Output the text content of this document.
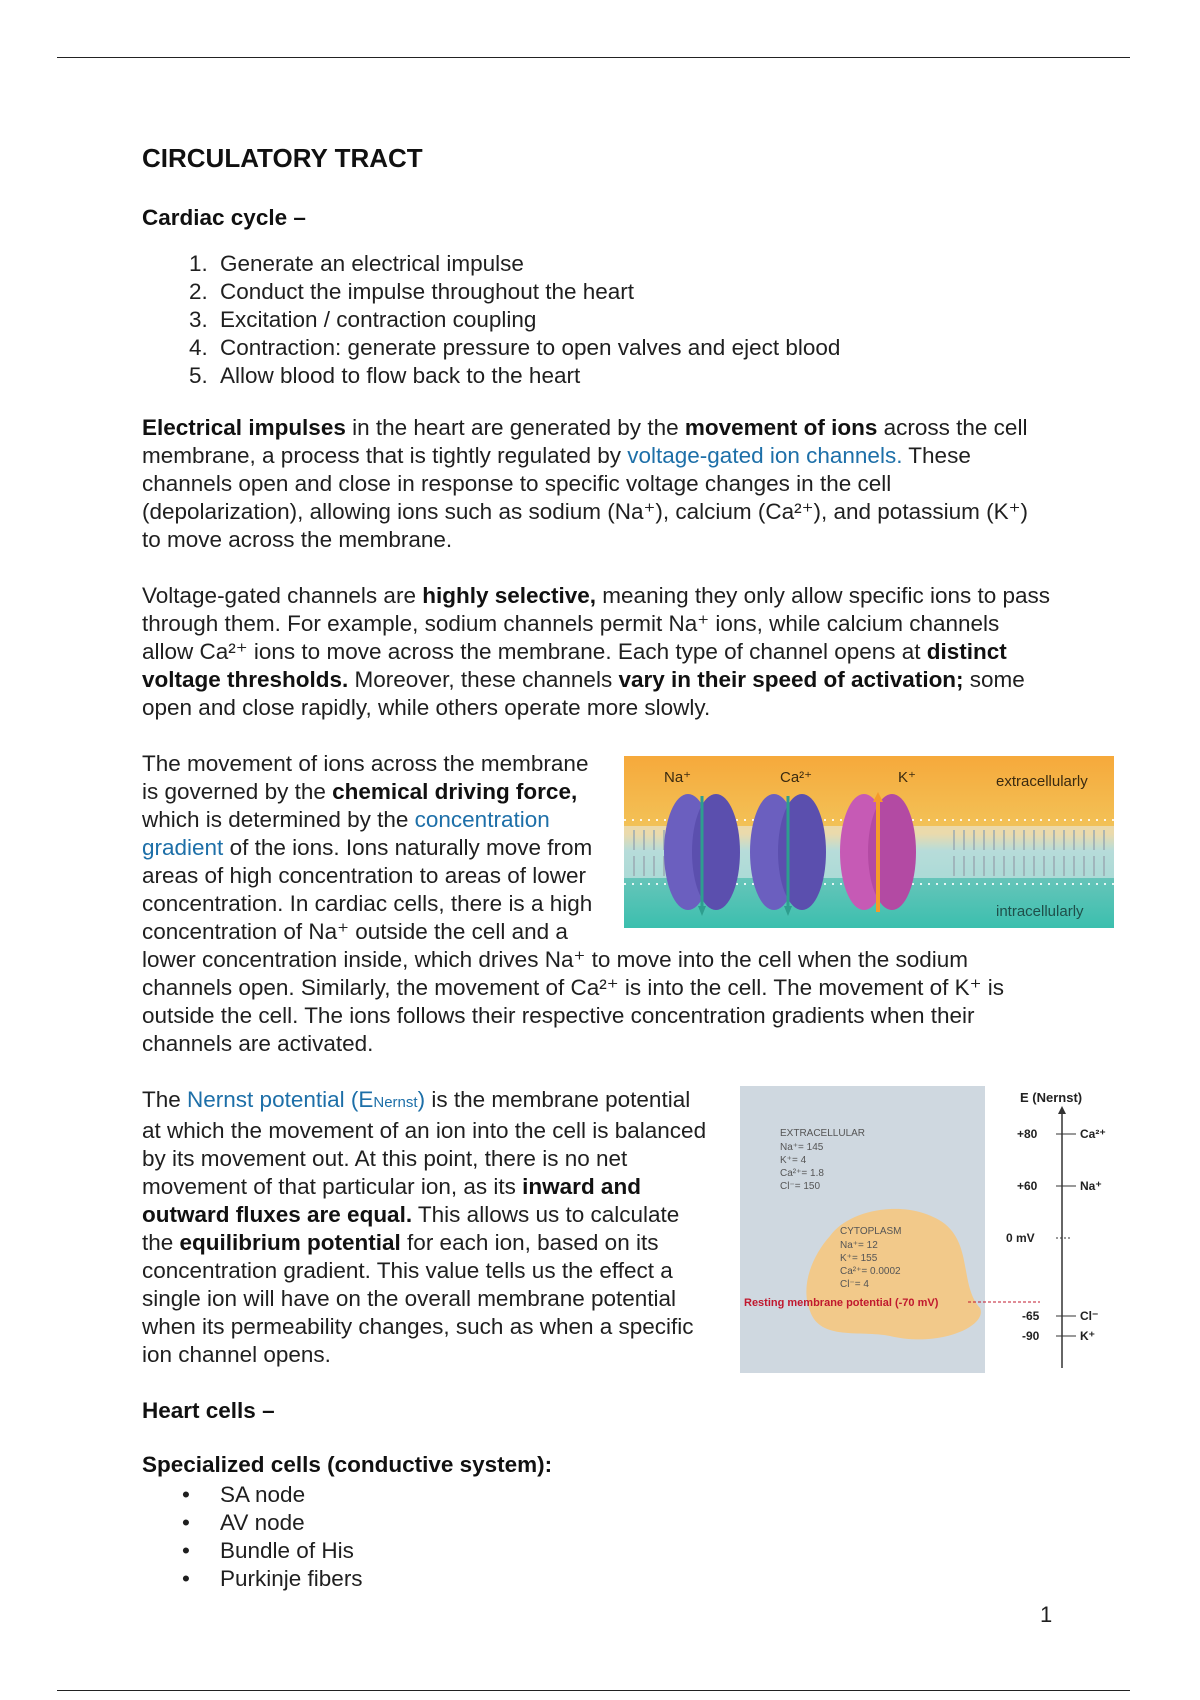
CIRCULATORY TRACT
Cardiac cycle –
1. Generate an electrical impulse
2. Conduct the impulse throughout the heart
3. Excitation / contraction coupling
4. Contraction: generate pressure to open valves and eject blood
5. Allow blood to flow back to the heart

Electrical impulses in the heart are generated by the movement of ions across the cell membrane, a process that is tightly regulated by voltage-gated ion channels. These channels open and close in response to specific voltage changes in the cell (depolarization), allowing ions such as sodium (Na⁺), calcium (Ca²⁺), and potassium (K⁺) to move across the membrane.

Voltage-gated channels are highly selective, meaning they only allow specific ions to pass through them. For example, sodium channels permit Na⁺ ions, while calcium channels allow Ca²⁺ ions to move across the membrane. Each type of channel opens at distinct voltage thresholds. Moreover, these channels vary in their speed of activation; some open and close rapidly, while others operate more slowly.

Na⁺	Ca²⁺	K⁺	extracellularly
intracellularly

The movement of ions across the membrane is governed by the chemical driving force, which is determined by the concentration gradient of the ions. Ions naturally move from areas of high concentration to areas of lower concentration. In cardiac cells, there is a high concentration of Na⁺ outside the cell and a lower concentration inside, which drives Na⁺ to move into the cell when the sodium channels open. Similarly, the movement of Ca²⁺ is into the cell. The movement of K⁺ is outside the cell. The ions follows their respective concentration gradients when their channels are activated.

EXTRACELLULAR
Na⁺= 145
K⁺= 4
Ca²⁺= 1.8
Cl⁻= 150
CYTOPLASM
Na⁺= 12
K⁺= 155
Ca²⁺= 0.0002
Cl⁻= 4
Resting membrane potential (-70 mV)
E (Nernst)
+80	Ca²⁺
+60	Na⁺
0 mV
-65	Cl⁻
-90	K⁺

The Nernst potential (ENernst) is the membrane potential at which the movement of an ion into the cell is balanced by its movement out. At this point, there is no net movement of that particular ion, as its inward and outward fluxes are equal. This allows us to calculate the equilibrium potential for each ion, based on its concentration gradient. This value tells us the effect a single ion will have on the overall membrane potential when its permeability changes, such as when a specific ion channel opens.

Heart cells –
Specialized cells (conductive system):
• SA node
• AV node
• Bundle of His
• Purkinje fibers
1
